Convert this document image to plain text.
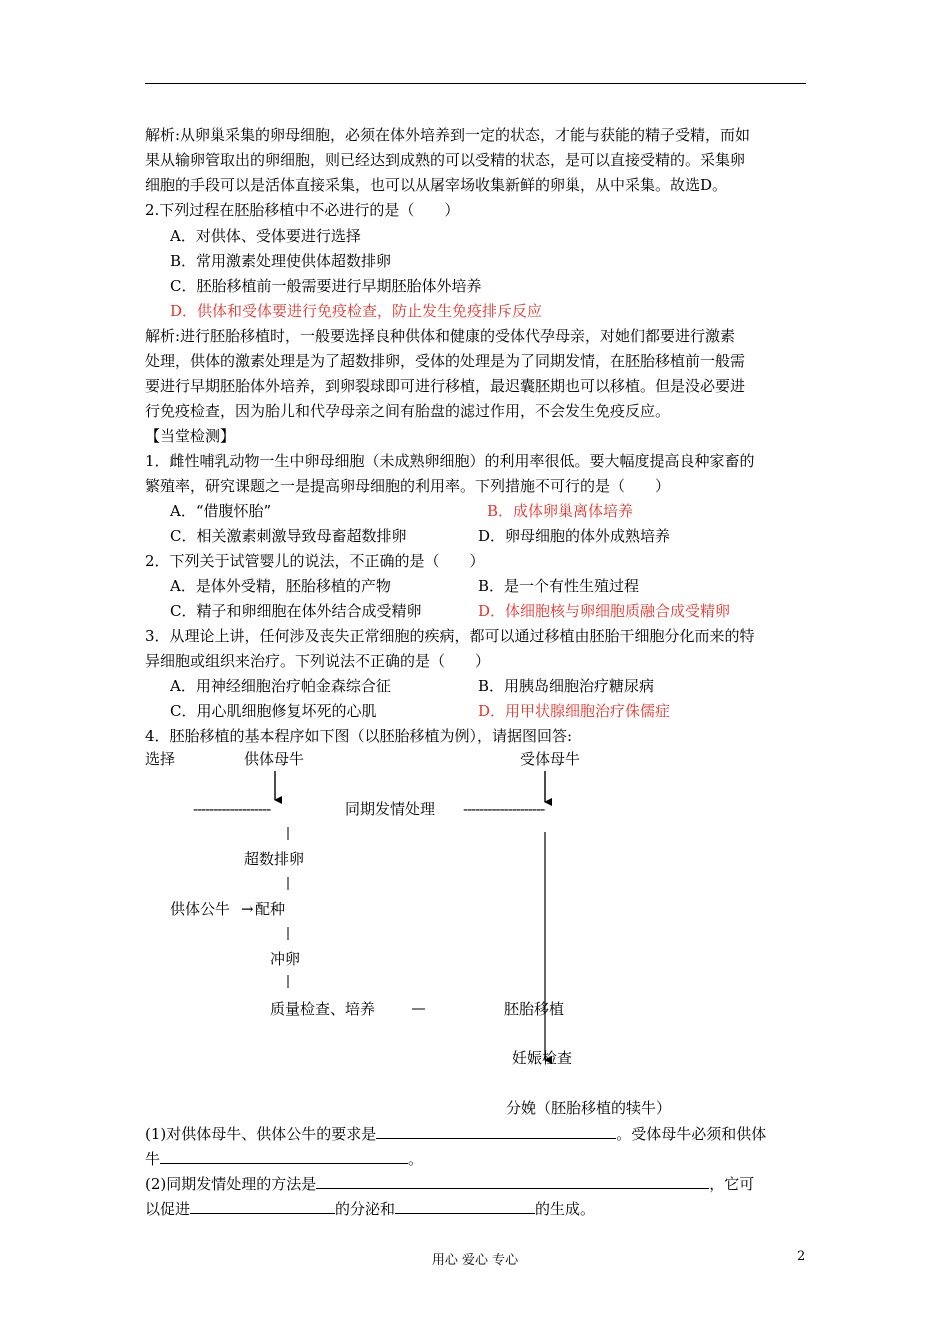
解析:从卵巢采集的卵母细胞，必须在体外培养到一定的状态，才能与获能的精子受精，而如
果从输卵管取出的卵细胞，则已经达到成熟的可以受精的状态，是可以直接受精的。采集卵
细胞的手段可以是活体直接采集，也可以从屠宰场收集新鲜的卵巢，从中采集。故选D。
2.下列过程在胚胎移植中不必进行的是（　　）
A．对供体、受体要进行选择
B．常用激素处理使供体超数排卵
C．胚胎移植前一般需要进行早期胚胎体外培养
D．供体和受体要进行免疫检查，防止发生免疫排斥反应
解析:进行胚胎移植时，一般要选择良种供体和健康的受体代孕母亲，对她们都要进行激素
处理，供体的激素处理是为了超数排卵，受体的处理是为了同期发情，在胚胎移植前一般需
要进行早期胚胎体外培养，到卵裂球即可进行移植，最迟囊胚期也可以移植。但是没必要进
行免疫检查，因为胎儿和代孕母亲之间有胎盘的滤过作用，不会发生免疫反应。
【当堂检测】
1．雌性哺乳动物一生中卵母细胞（未成熟卵细胞）的利用率很低。要大幅度提高良种家畜的
繁殖率，研究课题之一是提高卵母细胞的利用率。下列措施不可行的是（　　）
A．“借腹怀胎”	B．成体卵巢离体培养
C．相关激素刺激导致母畜超数排卵	D．卵母细胞的体外成熟培养
2．下列关于试管婴儿的说法，不正确的是（　　）
A．是体外受精，胚胎移植的产物	B．是一个有性生殖过程
C．精子和卵细胞在体外结合成受精卵	D．体细胞核与卵细胞质融合成受精卵
3．从理论上讲，任何涉及丧失正常细胞的疾病，都可以通过移植由胚胎干细胞分化而来的特
异细胞或组织来治疗。下列说法不正确的是（　　）
A．用神经细胞治疗帕金森综合征	B．用胰岛细胞治疗糖尿病
C．用心肌细胞修复坏死的心肌	D．用甲状腺细胞治疗侏儒症
4．胚胎移植的基本程序如下图（以胚胎移植为例），请据图回答:
选择	供体母牛	受体母牛
-------------------	同期发情处理 --------------------
超数排卵
供体公牛 → 配种
冲卵
质量检查、培养	胚胎移植
妊娠检查
分娩（胚胎移植的犊牛）
(1)对供体母牛、供体公牛的要求是	。受体母牛必须和供体
牛	。
(2)同期发情处理的方法是	，它可
以促进	的分泌和	的生成。
用心 爱心 专心	2
